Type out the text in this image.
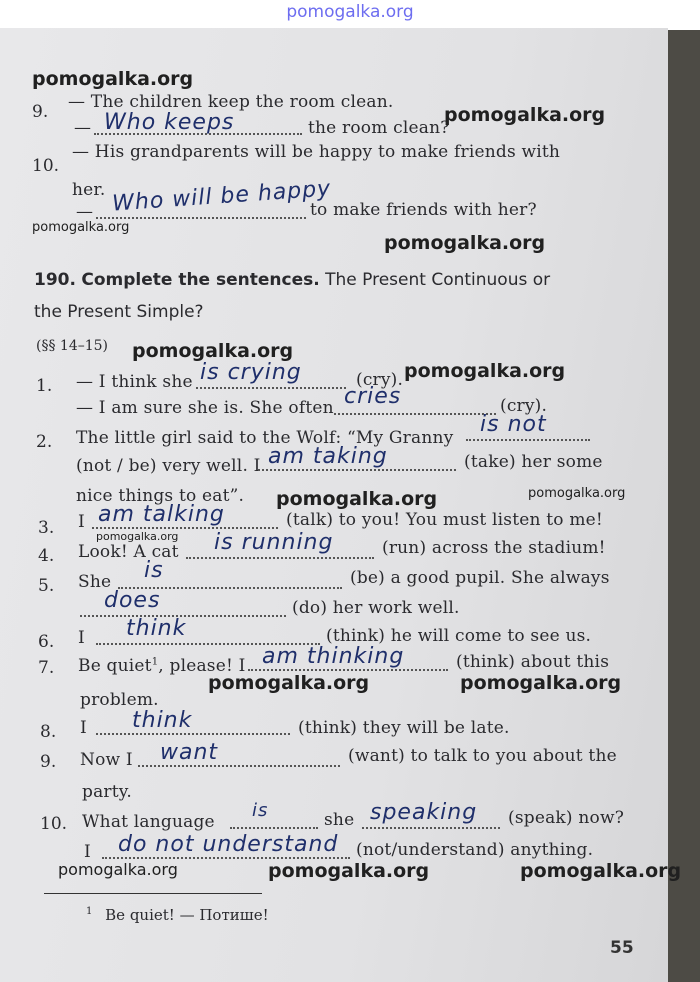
pomogalka.org
pomogalka.org
9. — The children keep the room clean.
— Who keeps	the room clean?
pomogalka.org
10.
— His grandparents will be happy to make friends with
her.
— Who will be happy
to make friends with her?
pomogalka.org
pomogalka.org
190. Complete the sentences. The Present Continuous or
the Present Simple?
(§§ 14–15) pomogalka.org
1. — I think she is crying	(cry). pomogalka.org
— I am sure she is. She often cries	(cry).
2. The little girl said to the Wolf: “My Granny
is not
(not / be) very well. I am taking	(take) her some
nice things to eat”. pomogalka.org	pomogalka.org
3. I am talking	(talk) to you! You must listen to me!
pomogalka.org
4. Look! A cat is running	(run) across the stadium!
5. She is	(be) a good pupil. She always
does	(do) her work well.
6. I think	(think) he will come to see us.
7. Be quiet$^1$, please! I am thinking	(think) about this
problem.
pomogalka.org	pomogalka.org
8. I think	(think) they will be late.
9. Now I want	(want) to talk to you about the
party.
10. What language
is	she speaking (speak) now?
I do not understand (not/understand) anything.
pomogalka.org	pomogalka.org	pomogalka.org
$^1$ Be quiet! — Потише!
55
